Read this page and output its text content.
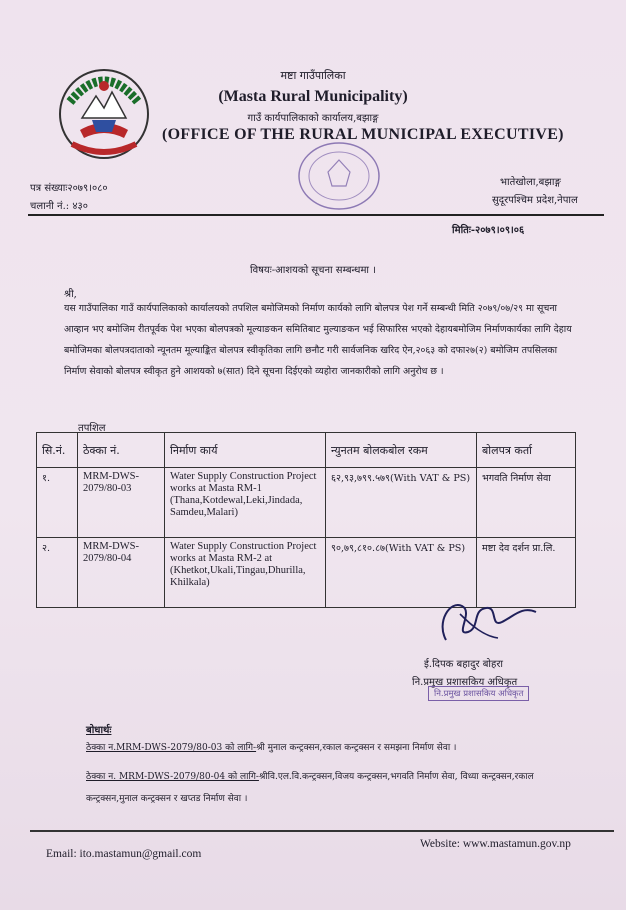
मष्टा गाउँपालिका
(Masta Rural Municipality)
गाउँ कार्यपालिकाको कार्यालय,बझाङ्ग
(OFFICE OF THE RURAL MUNICIPAL EXECUTIVE)
पत्र संख्याः२०७९।०८०
चलानी नं.: ४३०
भातेखोला,बझाङ्ग
सुदूरपश्चिम प्रदेश,नेपाल
मितिः-२०७९।०९।०६
विषयः-आशयको सूचना सम्बन्धमा ।
श्री,
यस गाउँपालिका गाउँ कार्यपालिकाको कार्यालयको तपशिल बमोजिमको निर्माण कार्यको लागि बोलपत्र पेश गर्ने सम्बन्धी मिति २०७९/०७/२९ मा सूचना आव्हान भए बमोजिम रीतपूर्वक पेश भएका बोलपत्रको मूल्याङकन समितिबाट मुल्याङकन भई सिफारिस भएको देहायबमोजिम निर्माणकार्यका लागि देहाय बमोजिमका बोलपत्रदाताको न्यूनतम मूल्याङ्कित बोलपत्र स्वीकृतिका लागि छनौट गरी सार्वजनिक खरिद ऐन,२०६३ को दफा२७(२) बमोजिम तपसिलका निर्माण सेवाको बोलपत्र स्वीकृत हुने आशयको ७(सात) दिने सूचना दिईएको व्यहोरा जानकारीको लागि अनुरोध छ ।
तपशिल
सि.नं.	ठेक्का नं.	निर्माण कार्य	न्युनतम बोलकबोल रकम	बोलपत्र कर्ता
१.	MRM-DWS-2079/80-03	Water Supply Construction Project works at Masta RM-1 (Thana,Kotdewal,Leki,Jindada, Samdeu,Malari)	६२,९३,७९९.५७९(With VAT & PS)	भगवति निर्माण सेवा
२.	MRM-DWS-2079/80-04	Water Supply Construction Project works at Masta RM-2 at (Khetkot,Ukali,Tingau,Dhurilla, Khilkala)	९०,७९,८१०.८७(With VAT & PS)	मष्टा देव दर्शन प्रा.लि.
ई.दिपक बहादुर बोहरा
नि.प्रमुख प्रशासकिय अधिकृत
नि.प्रमुख प्रशासकिय अधिकृत
बोधार्थः
ठेक्का न.MRM-DWS-2079/80-03 को लागि-श्री मुनाल कन्ट्रक्सन,रकाल कन्ट्रक्सन र समझना निर्माण सेवा ।
ठेक्का न. MRM-DWS-2079/80-04 को लागि-श्रीवि.एल.वि.कन्ट्रक्सन,विजय कन्ट्रक्सन,भगवति निर्माण सेवा, विध्या कन्ट्रक्सन,रकाल कन्ट्रक्सन,मुनाल कन्ट्रक्सन र खप्तड निर्माण सेवा ।
Email: ito.mastamun@gmail.com
Website: www.mastamun.gov.np
